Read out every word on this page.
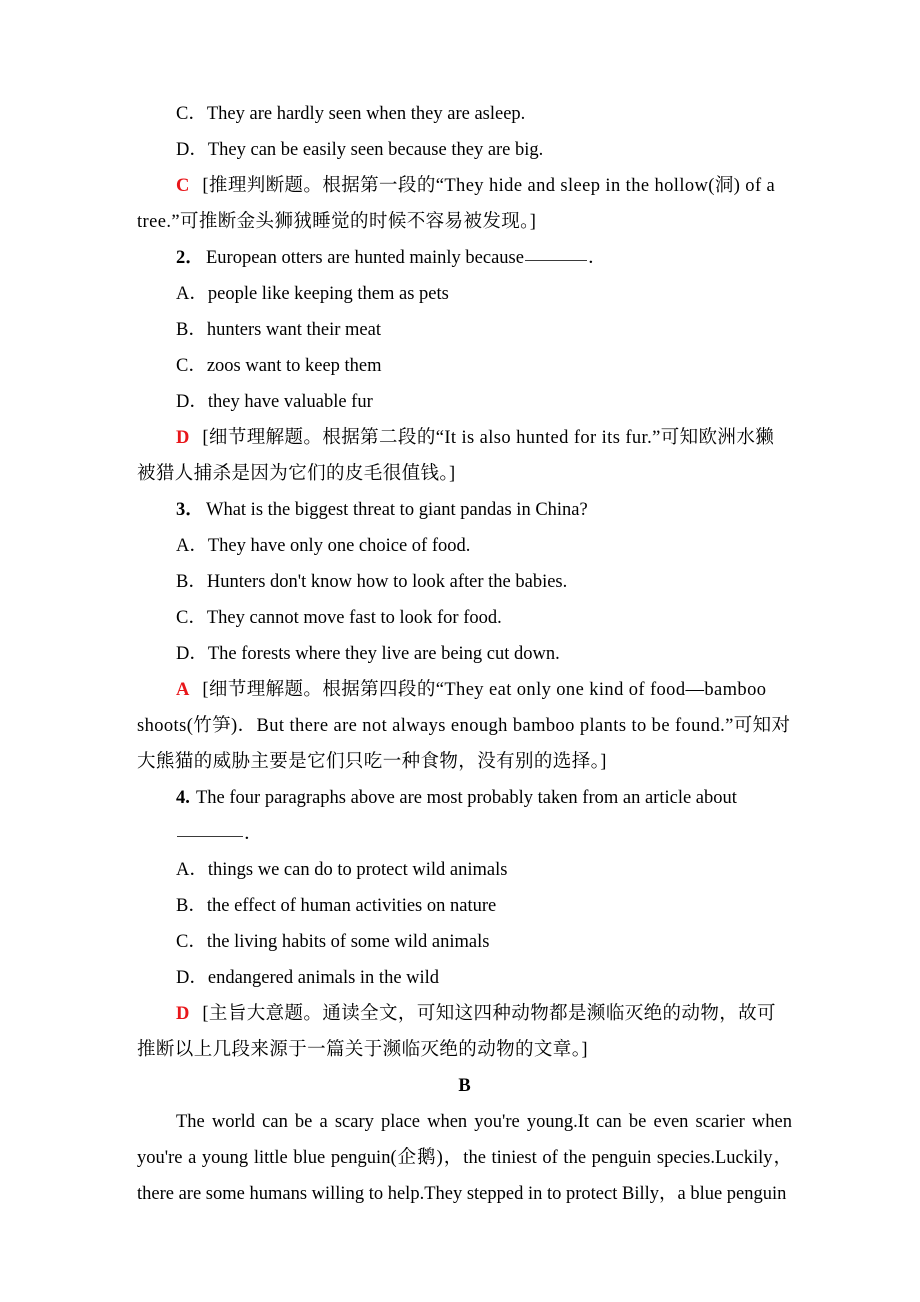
C．They are hardly seen when they are asleep.

D．They can be easily seen because they are big.

C [推理判断题。根据第一段的“They hide and sleep in the hollow(洞) of a tree.”可推断金头狮狨睡觉的时候不容易被发现。]

2． European otters are hunted mainly because	．

A．people like keeping them as pets

B．hunters want their meat

C．zoos want to keep them

D．they have valuable fur

D [细节理解题。根据第二段的“It is also hunted for its fur.”可知欧洲水獭被猎人捕杀是因为它们的皮毛很值钱。]

3． What is the biggest threat to giant pandas in China?

A．They have only one choice of food.

B．Hunters don't know how to look after the babies.

C．They cannot move fast to look for food.

D．The forests where they live are being cut down.

A [细节理解题。根据第四段的“They eat only one kind of food—bamboo shoots(竹笋)．But there are not always enough bamboo plants to be found.”可知对大熊猫的威胁主要是它们只吃一种食物，没有别的选择。]

4. The four paragraphs above are most probably taken from an article about．

A．things we can do to protect wild animals

B．the effect of human activities on nature

C．the living habits of some wild animals

D．endangered animals in the wild

D [主旨大意题。通读全文，可知这四种动物都是濒临灭绝的动物，故可推断以上几段来源于一篇关于濒临灭绝的动物的文章。]

B

The world can be a scary place when you're young.It can be even scarier when you're a young little blue penguin(企鹅)，the tiniest of the penguin species.Luckily，there are some humans willing to help.They stepped in to protect Billy，a blue penguin
